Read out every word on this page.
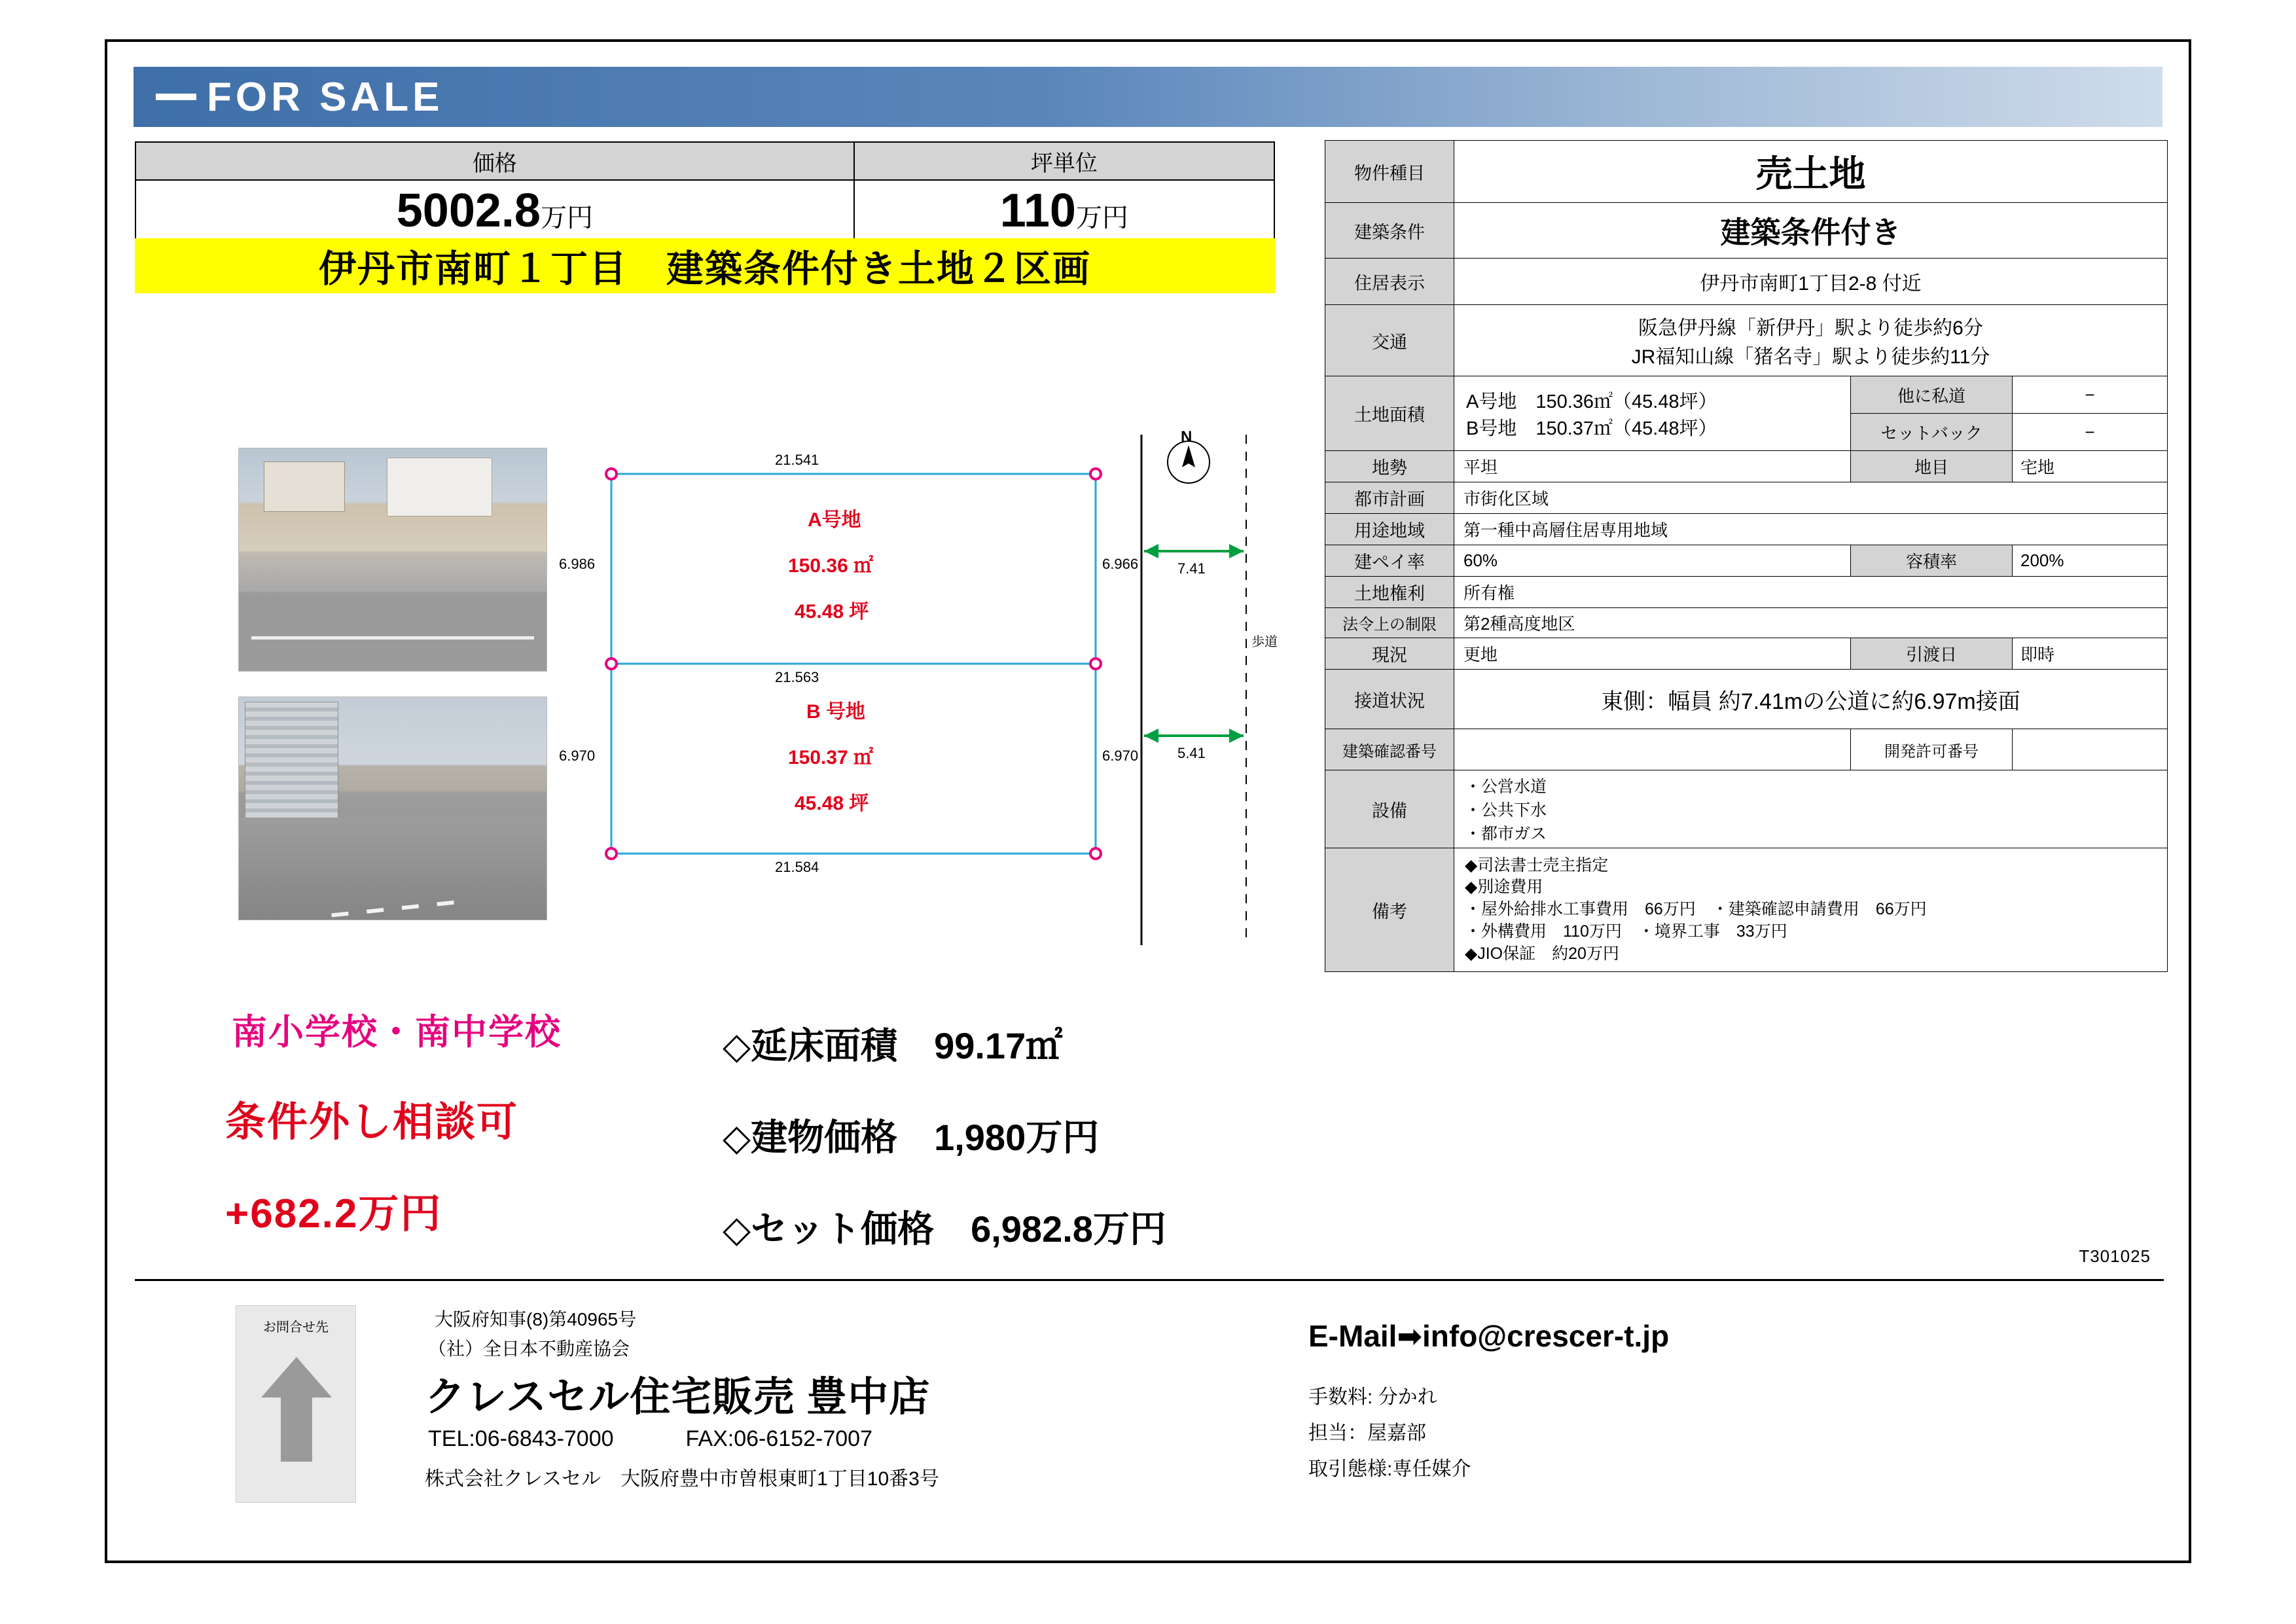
FOR SALE
価格	坪単位
5002.8万円	110万円
伊丹市南町１丁目　建築条件付き土地２区画
21.541
21.563
21.584
6.986
6.970
6.966
6.970
A号地
150.36 ㎡
45.48 坪
B 号地
150.37 ㎡
45.48 坪
7.41
5.41
歩道
N
南小学校・南中学校
条件外し相談可
+682.2万円
◇延床面積 99.17㎡
◇建物価格 1,980万円
◇セット価格 6,982.8万円
物件種目	売土地		
建築条件	建築条件付き		
住居表示	伊丹市南町1丁目2-8 付近		
交通	阪急伊丹線「新伊丹」駅より徒歩約6分
JR福知山線「猪名寺」駅より徒歩約11分		

土地面積	A号地　150.36㎡（45.48坪）
B号地　150.37㎡（45.48坪）	他に私道	−
		セットバック	−
地勢	平坦	地目	宅地
都市計画	市街化区域		
用途地域	第一種中高層住居専用地域		
建ペイ率	60%	容積率	200%
土地権利	所有権		
法令上の制限	第2種高度地区		
現況	更地	引渡日	即時
接道状況	東側：幅員 約7.41mの公道に約6.97m接面		
建築確認番号		開発許可番号	
設備	・公営水道
・公共下水
・都市ガス		

備考	◆司法書士売主指定
◆別途費用
・屋外給排水工事費用　66万円　・建築確認申請費用　66万円
・外構費用　110万円　・境界工事　33万円
◆JIO保証　約20万円		
T301025
お問合せ先	大阪府知事(8)第40965号
（社）全日本不動産協会
クレスセル住宅販売 豊中店
TEL:06-6843-7000	FAX:06-6152-7007
株式会社クレスセル　大阪府豊中市曽根東町1丁目10番3号
E-Mail➡info@crescer-t.jp
手数料: 分かれ
担当：屋嘉部
取引態様:専任媒介
